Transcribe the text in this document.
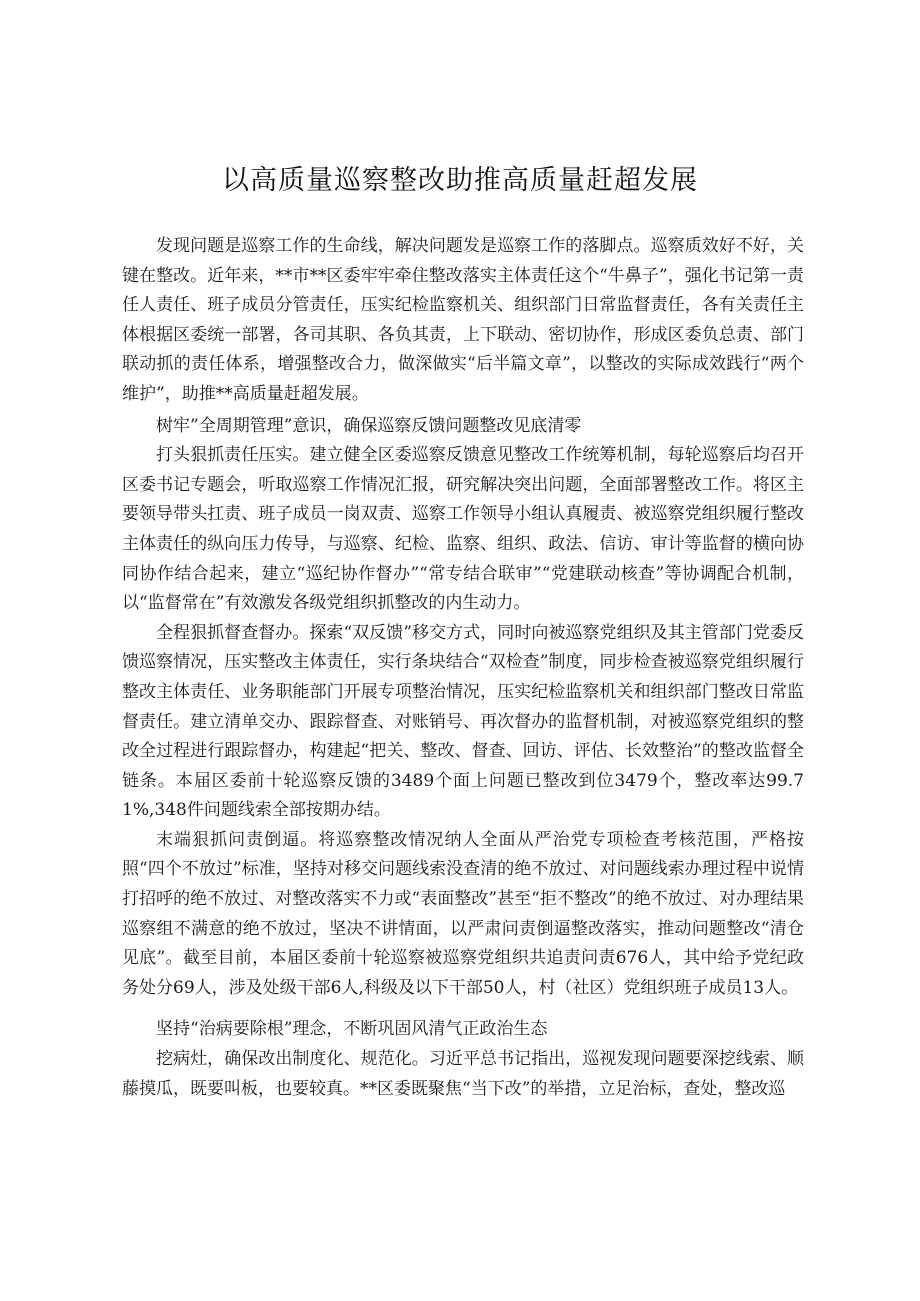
以高质量巡察整改助推高质量赶超发展

发现问题是巡察工作的生命线，解决问题发是巡察工作的落脚点。巡察质效好不好，关键在整改。近年来，**市**区委牢牢牵住整改落实主体责任这个“牛鼻子”，强化书记第一责任人责任、班子成员分管责任，压实纪检监察机关、组织部门日常监督责任，各有关责任主体根据区委统一部署，各司其职、各负其责，上下联动、密切协作，形成区委负总责、部门联动抓的责任体系，增强整改合力，做深做实“后半篇文章”，以整改的实际成效践行“两个维护”，助推**高质量赶超发展。

树牢”全周期管理”意识，确保巡察反馈问题整改见底清零

打头狠抓责任压实。建立健全区委巡察反馈意见整改工作统筹机制，每轮巡察后均召开区委书记专题会，听取巡察工作情况汇报，研究解决突出问题，全面部署整改工作。将区主要领导带头扛责、班子成员一岗双责、巡察工作领导小组认真履责、被巡察党组织履行整改主体责任的纵向压力传导，与巡察、纪检、监察、组织、政法、信访、审计等监督的横向协同协作结合起来，建立“巡纪协作督办”“常专结合联审”“党建联动核查”等协调配合机制，以“监督常在”有效激发各级党组织抓整改的内生动力。

全程狠抓督查督办。探索“双反馈”移交方式，同时向被巡察党组织及其主管部门党委反馈巡察情况，压实整改主体责任，实行条块结合“双检查”制度，同步检查被巡察党组织履行整改主体责任、业务职能部门开展专项整治情况，压实纪检监察机关和组织部门整改日常监督责任。建立清单交办、跟踪督查、对账销号、再次督办的监督机制，对被巡察党组织的整改全过程进行跟踪督办，构建起“把关、整改、督查、回访、评估、长效整治”的整改监督全链条。本届区委前十轮巡察反馈的3489个面上问题已整改到位3479个，整改率达99.71%,348件问题线索全部按期办结。

末端狠抓问责倒逼。将巡察整改情况纳人全面从严治党专项检查考核范围，严格按照“四个不放过”标准，坚持对移交问题线索没查清的绝不放过、对问题线索办理过程中说情打招呼的绝不放过、对整改落实不力或“表面整改”甚至“拒不整改”的绝不放过、对办理结果巡察组不满意的绝不放过，坚决不讲情面，以严肃问责倒逼整改落实，推动问题整改“清仓见底”。截至目前，本届区委前十轮巡察被巡察党组织共追责问责676人，其中给予党纪政务处分69人，涉及处级干部6人,科级及以下干部50人，村（社区）党组织班子成员13人。

坚持“治病要除根”理念，不断巩固风清气正政治生态

挖病灶，确保改出制度化、规范化。习近平总书记指出，巡视发现问题要深挖线索、顺藤摸瓜，既要叫板，也要较真。**区委既聚焦“当下改”的举措，立足治标，查处，整改巡
